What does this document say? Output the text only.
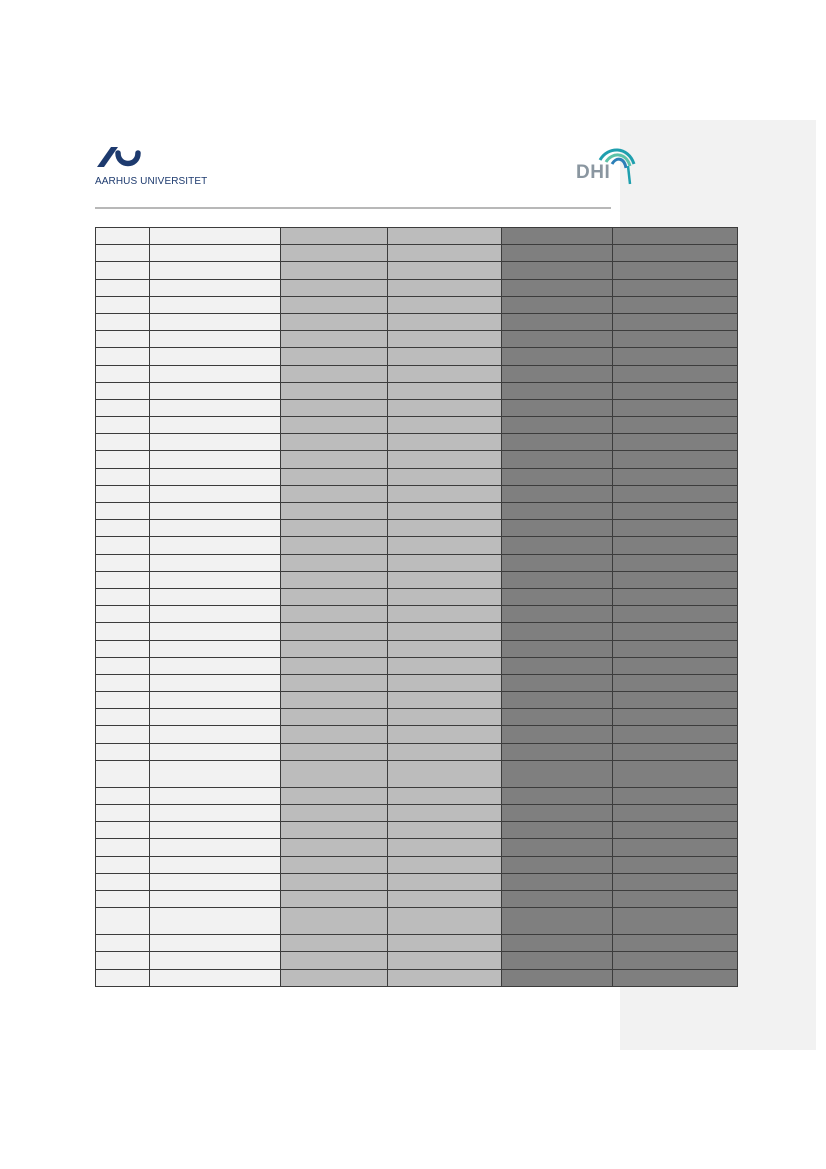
AARHUS UNIVERSITET	DHI
